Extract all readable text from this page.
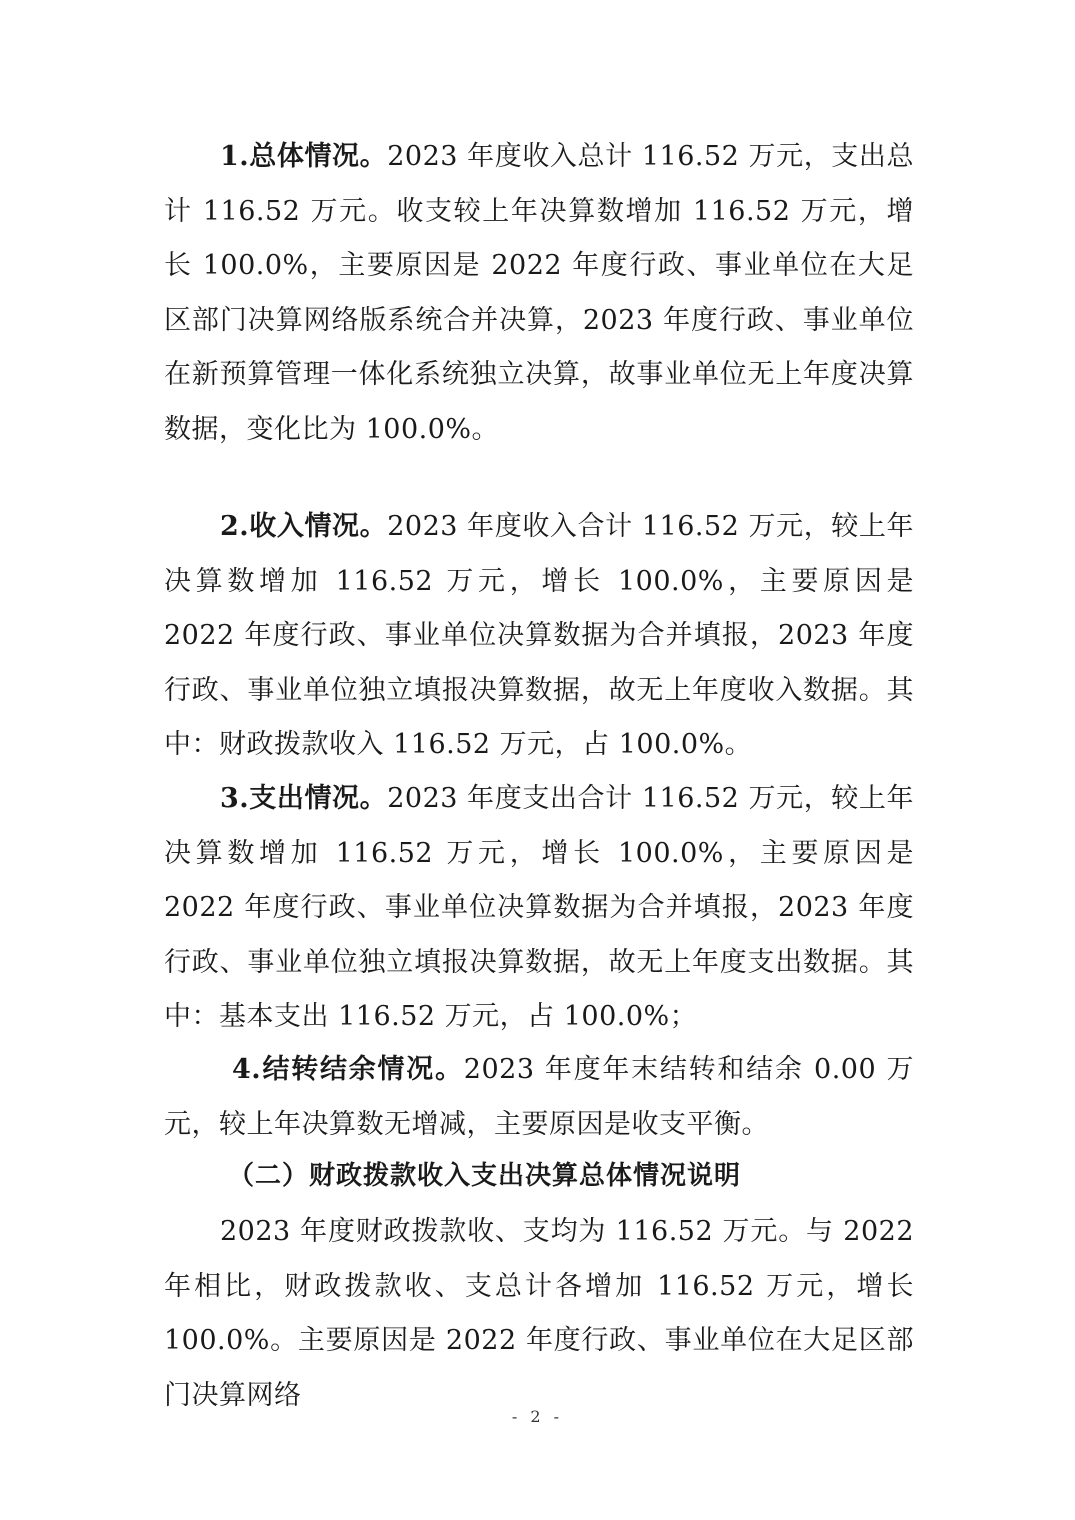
1.总体情况。2023 年度收入总计 116.52 万元，支出总计 116.52 万元。收支较上年决算数增加 116.52 万元，增长 100.0%，主要原因是 2022 年度行政、事业单位在大足区部门决算网络版系统合并决算，2023 年度行政、事业单位在新预算管理一体化系统独立决算，故事业单位无上年度决算数据，变化比为 100.0%。

2.收入情况。2023 年度收入合计 116.52 万元，较上年决算数增加 116.52 万元，增长 100.0%，主要原因是 2022 年度行政、事业单位决算数据为合并填报，2023 年度行政、事业单位独立填报决算数据，故无上年度收入数据。其中：财政拨款收入 116.52 万元，占 100.0%。

3.支出情况。2023 年度支出合计 116.52 万元，较上年决算数增加 116.52 万元，增长 100.0%，主要原因是 2022 年度行政、事业单位决算数据为合并填报，2023 年度行政、事业单位独立填报决算数据，故无上年度支出数据。其中：基本支出 116.52 万元，占 100.0%；

4.结转结余情况。2023 年度年末结转和结余 0.00 万元，较上年决算数无增减，主要原因是收支平衡。

（二）财政拨款收入支出决算总体情况说明

2023 年度财政拨款收、支均为 116.52 万元。与 2022 年相比，财政拨款收、支总计各增加 116.52 万元，增长 100.0%。主要原因是 2022 年度行政、事业单位在大足区部门决算网络

- 2 -
